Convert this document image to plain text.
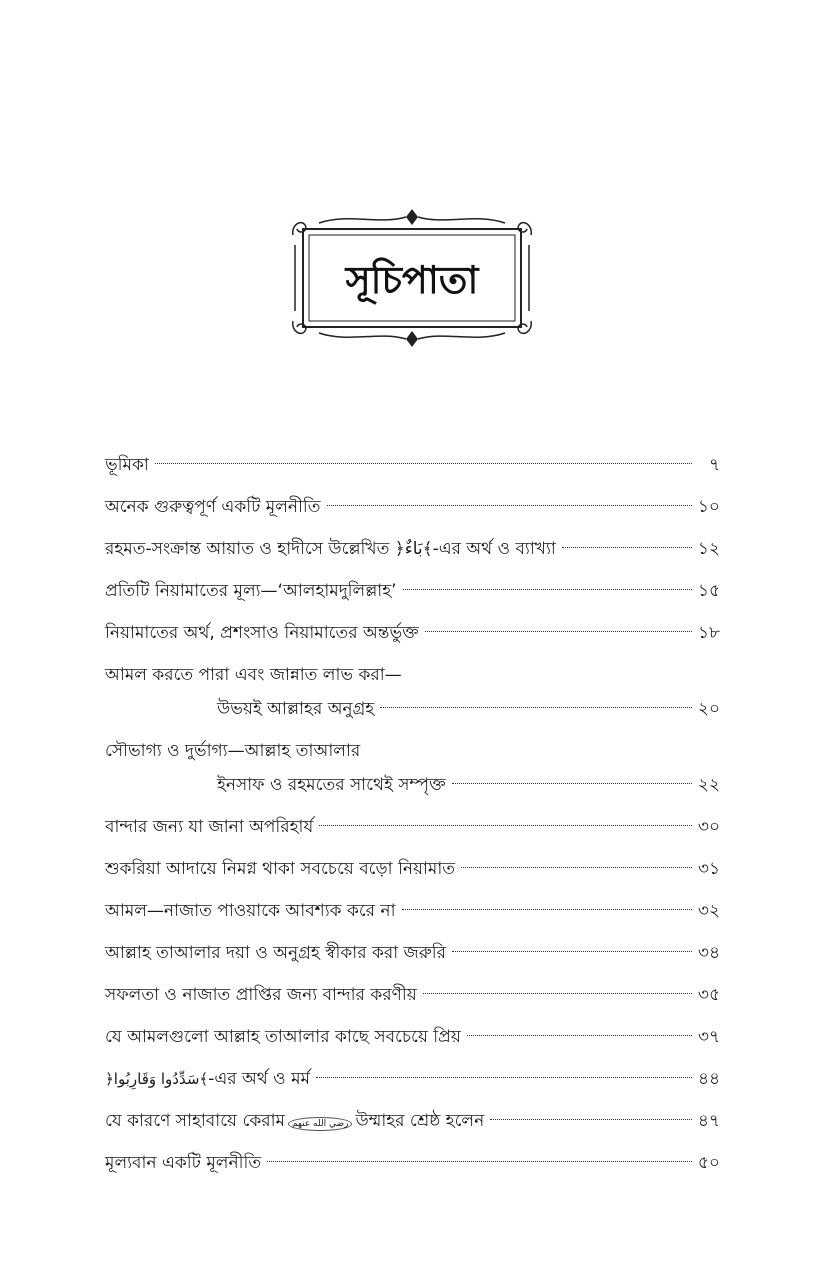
সূচিপাতা
ভূমিকা	৭
অনেক গুরুত্বপূর্ণ একটি মূলনীতি	১০
রহমত-সংক্রান্ত আয়াত ও হাদীসে উল্লেখিত ﴿بَاءٌ﴾-এর অর্থ ও ব্যাখ্যা	১২
প্রতিটি নিয়ামাতের মূল্য—‘আলহামদুলিল্লাহ’	১৫
নিয়ামাতের অর্থ, প্রশংসাও নিয়ামাতের অন্তর্ভুক্ত	১৮
আমল করতে পারা এবং জান্নাত লাভ করা—
উভয়ই আল্লাহর অনুগ্রহ	২০
সৌভাগ্য ও দুর্ভাগ্য—আল্লাহ তাআলার
ইনসাফ ও রহমতের সাথেই সম্পৃক্ত	২২
বান্দার জন্য যা জানা অপরিহার্য	৩০
শুকরিয়া আদায়ে নিমগ্ন থাকা সবচেয়ে বড়ো নিয়ামাত	৩১
আমল—নাজাত পাওয়াকে আবশ্যক করে না	৩২
আল্লাহ তাআলার দয়া ও অনুগ্রহ স্বীকার করা জরুরি	৩৪
সফলতা ও নাজাত প্রাপ্তির জন্য বান্দার করণীয়	৩৫
যে আমলগুলো আল্লাহ তাআলার কাছে সবচেয়ে প্রিয়	৩৭
﴿سَدِّدُوا وَقَارِبُوا﴾ -এর অর্থ ও মর্ম	৪৪
যে কারণে সাহাবায়ে কেরাম رضي الله عنهم উম্মাহর শ্রেষ্ঠ হলেন	৪৭
মূল্যবান একটি মূলনীতি	৫০
